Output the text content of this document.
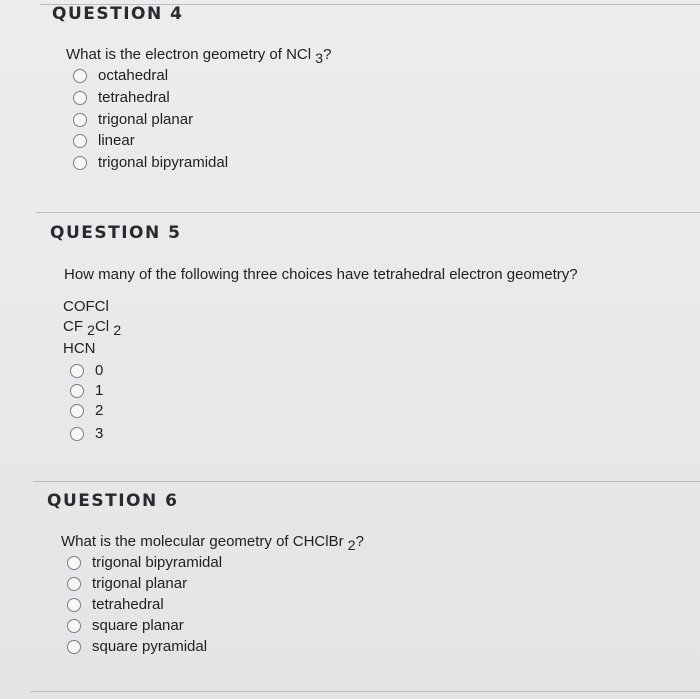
QUESTION 4
What is the electron geometry of NCl $_3$?
octahedral
tetrahedral
trigonal planar
linear
trigonal bipyramidal
QUESTION 5
How many of the following three choices have tetrahedral electron geometry?
COFCl
CF $_2$Cl $_2$
HCN
0
1
2
3
QUESTION 6
What is the molecular geometry of CHClBr $_2$?
trigonal bipyramidal
trigonal planar
tetrahedral
square planar
square pyramidal
